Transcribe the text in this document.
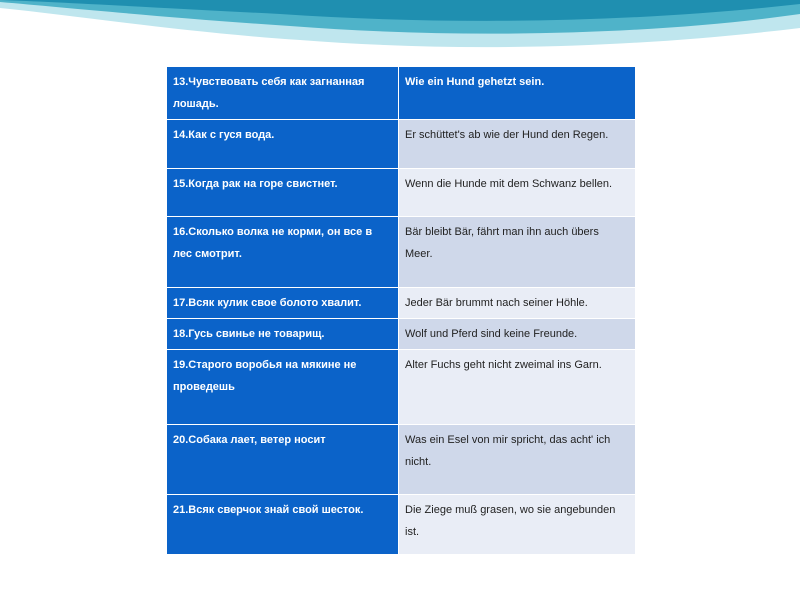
13.Чувствовать себя как загнанная лошадь.	Wie ein Hund gehetzt sein.
14.Как с гуся вода.	Er schüttet's ab wie der Hund den Regen.
15.Когда рак на горе свистнет.	Wenn die Hunde mit dem Schwanz bellen.
16.Сколько волка не корми, он все в лес смотрит.	Bär bleibt Bär, fährt man ihn auch übers Meer.
17.Всяк кулик свое болото хвалит.	Jeder Bär brummt nach seiner Höhle.
18.Гусь свинье не товарищ.	Wolf und Pferd sind keine Freunde.
19.Старого воробья на мякине не проведешь	Alter Fuchs geht nicht zweimal ins Garn.
20.Собака лает, ветер носит	Was ein Esel von mir spricht, das acht' ich nicht.
21.Всяк сверчок знай свой шесток.	Die Ziege muß grasen, wo sie angebunden ist.
